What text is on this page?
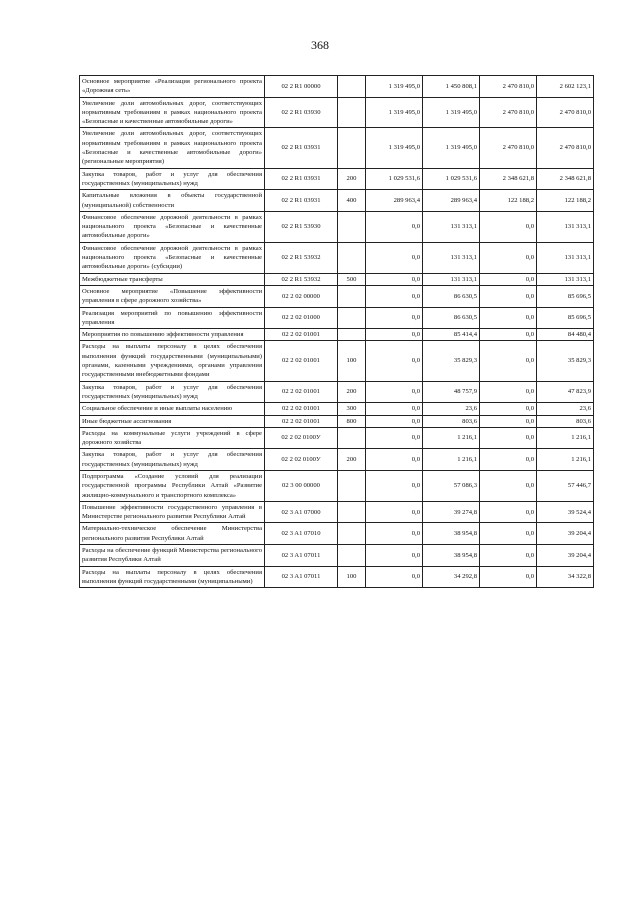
368
Основное мероприятие «Реализация регионального проекта «Дорожная сеть»	02 2 R1 00000		1 319 495,0	1 450 808,1	2 470 810,0	2 602 123,1
Увеличение доли автомобильных дорог, соответствующих нормативным требованиям в рамках национального проекта «Безопасные и качественные автомобильные дороги»	02 2 R1 03930		1 319 495,0	1 319 495,0	2 470 810,0	2 470 810,0
Увеличение доли автомобильных дорог, соответствующих нормативным требованиям в рамках национального проекта «Безопасные и качественные автомобильные дороги» (региональные мероприятия)	02 2 R1 03931		1 319 495,0	1 319 495,0	2 470 810,0	2 470 810,0
Закупка товаров, работ и услуг для обеспечения государственных (муниципальных) нужд	02 2 R1 03931	200	1 029 531,6	1 029 531,6	2 348 621,8	2 348 621,8
Капитальные вложения в объекты государственной (муниципальной) собственности	02 2 R1 03931	400	289 963,4	289 963,4	122 188,2	122 188,2
Финансовое обеспечение дорожной деятельности в рамках национального проекта «Безопасные и качественные автомобильные дороги»	02 2 R1 53930		0,0	131 313,1	0,0	131 313,1
Финансовое обеспечение дорожной деятельности в рамках национального проекта «Безопасные и качественные автомобильные дороги» (субсидии)	02 2 R1 53932		0,0	131 313,1	0,0	131 313,1
Межбюджетные трансферты	02 2 R1 53932	500	0,0	131 313,1	0,0	131 313,1
Основное мероприятие «Повышение эффективности управления в сфере дорожного хозяйства»	02 2 02 00000		0,0	86 630,5	0,0	85 696,5
Реализация мероприятий по повышению эффективности управления	02 2 02 01000		0,0	86 630,5	0,0	85 696,5
Мероприятия по повышению эффективности управления	02 2 02 01001		0,0	85 414,4	0,0	84 480,4
Расходы на выплаты персоналу в целях обеспечения выполнения функций государственными (муниципальными) органами, казенными учреждениями, органами управления государственными внебюджетными фондами	02 2 02 01001	100	0,0	35 829,3	0,0	35 829,3
Закупка товаров, работ и услуг для обеспечения государственных (муниципальных) нужд	02 2 02 01001	200	0,0	48 757,9	0,0	47 823,9
Социальное обеспечение и иные выплаты населению	02 2 02 01001	300	0,0	23,6	0,0	23,6
Иные бюджетные ассигнования	02 2 02 01001	800	0,0	803,6	0,0	803,6
Расходы на коммунальные услуги учреждений в сфере дорожного хозяйства	02 2 02 0100У		0,0	1 216,1	0,0	1 216,1
Закупка товаров, работ и услуг для обеспечения государственных (муниципальных) нужд	02 2 02 0100У	200	0,0	1 216,1	0,0	1 216,1
Подпрограмма «Создание условий для реализации государственной программы Республики Алтай «Развитие жилищно-коммунального и транспортного комплекса»	02 3 00 00000		0,0	57 086,3	0,0	57 446,7
Повышение эффективности государственного управления в Министерстве регионального развития Республики Алтай	02 3 A1 07000		0,0	39 274,8	0,0	39 524,4
Материально-техническое обеспечение Министерства регионального развития Республики Алтай	02 3 A1 07010		0,0	38 954,8	0,0	39 204,4
Расходы на обеспечение функций Министерства регионального развития Республики Алтай	02 3 A1 07011		0,0	38 954,8	0,0	39 204,4
Расходы на выплаты персоналу в целях обеспечения выполнения функций государственными (муниципальными)	02 3 A1 07011	100	0,0	34 292,8	0,0	34 322,8
